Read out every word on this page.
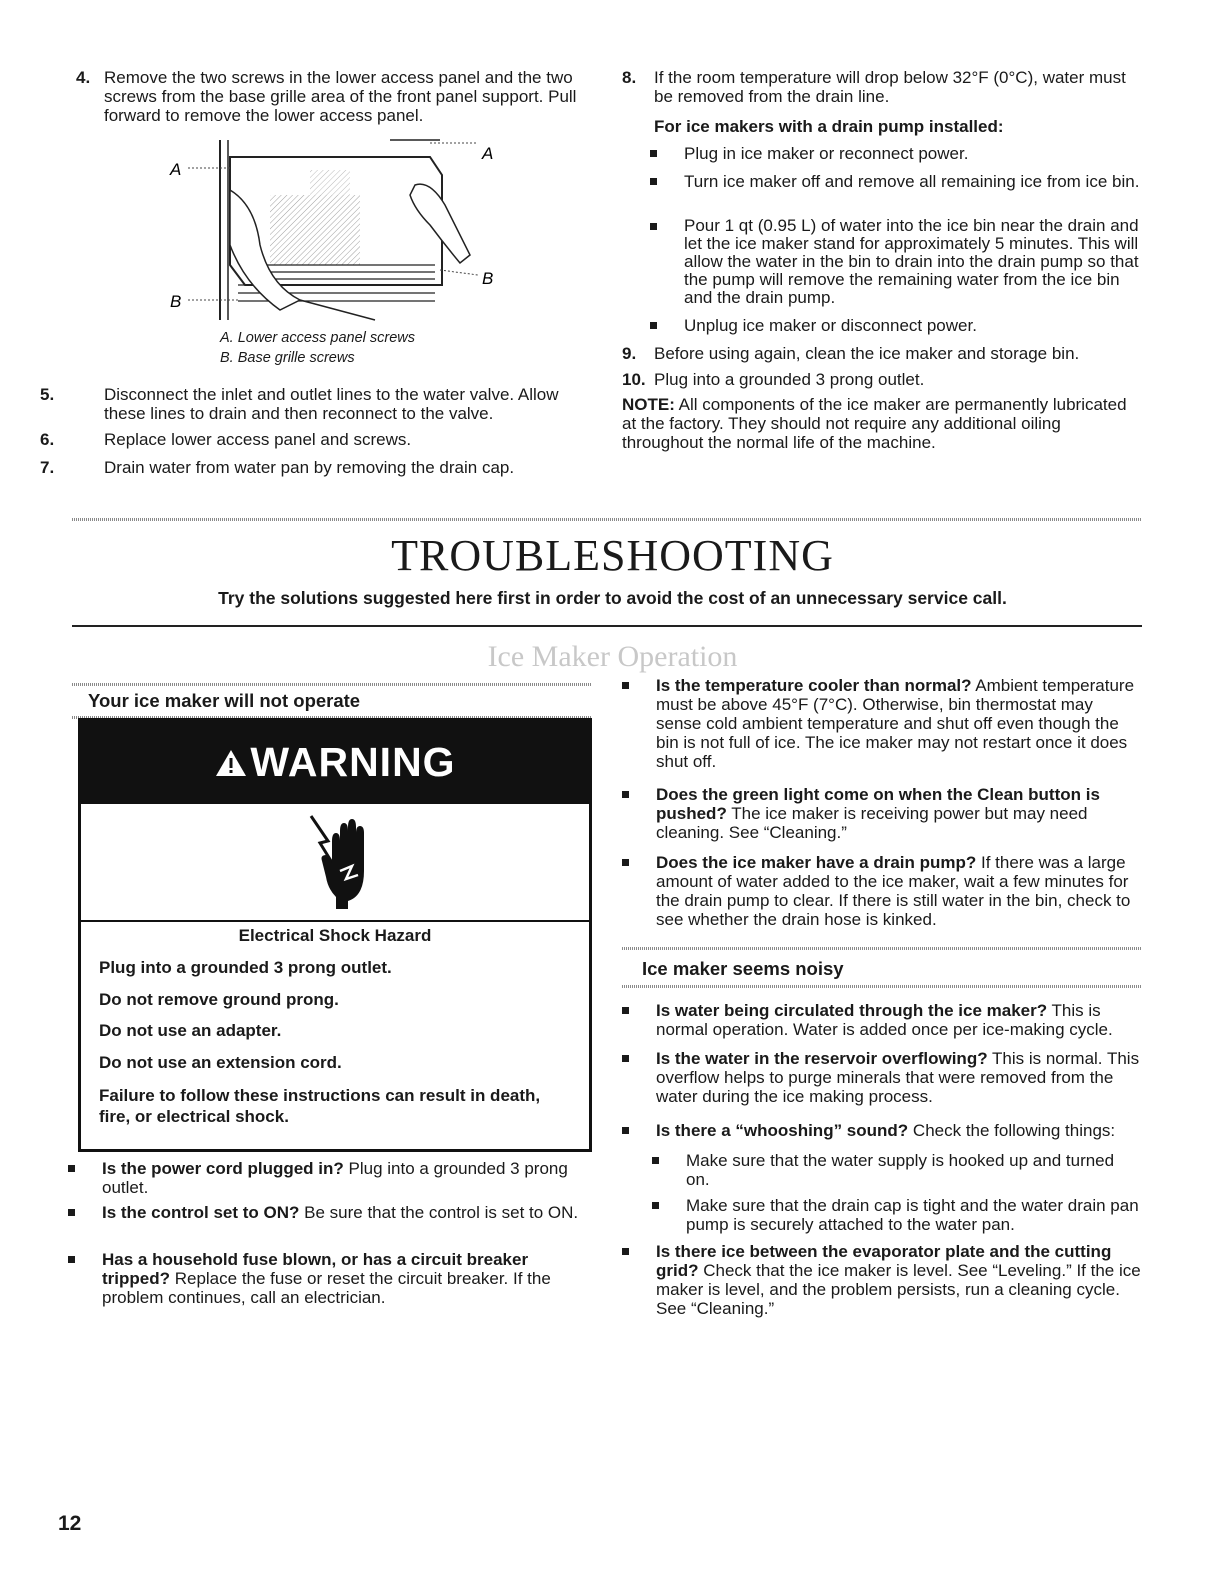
4. Remove the two screws in the lower access panel and the two screws from the base grille area of the front panel support. Pull forward to remove the lower access panel.
A
A
B
B
A. Lower access panel screws
B. Base grille screws
5.	Disconnect the inlet and outlet lines to the water valve. Allow these lines to drain and then reconnect to the valve.
6.	Replace lower access panel and screws.
7.	Drain water from water pan by removing the drain cap.
8. If the room temperature will drop below 32°F (0°C), water must be removed from the drain line.
For ice makers with a drain pump installed:
Plug in ice maker or reconnect power.
Turn ice maker off and remove all remaining ice from ice bin.
Pour 1 qt (0.95 L) of water into the ice bin near the drain and let the ice maker stand for approximately 5 minutes. This will allow the water in the bin to drain into the drain pump so that the pump will remove the remaining water from the ice bin and the drain pump.
Unplug ice maker or disconnect power.
9. Before using again, clean the ice maker and storage bin.
10. Plug into a grounded 3 prong outlet.
NOTE: All components of the ice maker are permanently lubricated at the factory. They should not require any additional oiling throughout the normal life of the machine.
TROUBLESHOOTING
Try the solutions suggested here first in order to avoid the cost of an unnecessary service call.
Ice Maker Operation
Your ice maker will not operate
WARNING
Electrical Shock Hazard
Plug into a grounded 3 prong outlet.
Do not remove ground prong.
Do not use an adapter.
Do not use an extension cord.
Failure to follow these instructions can result in death, fire, or electrical shock.
Is the power cord plugged in? Plug into a grounded 3 prong outlet.
Is the control set to ON? Be sure that the control is set to ON.
Has a household fuse blown, or has a circuit breaker tripped? Replace the fuse or reset the circuit breaker. If the problem continues, call an electrician.
Is the temperature cooler than normal? Ambient temperature must be above 45°F (7°C). Otherwise, bin thermostat may sense cold ambient temperature and shut off even though the bin is not full of ice. The ice maker may not restart once it does shut off.
Does the green light come on when the Clean button is pushed? The ice maker is receiving power but may need cleaning. See “Cleaning.”
Does the ice maker have a drain pump? If there was a large amount of water added to the ice maker, wait a few minutes for the drain pump to clear. If there is still water in the bin, check to see whether the drain hose is kinked.
Ice maker seems noisy
Is water being circulated through the ice maker? This is normal operation. Water is added once per ice-making cycle.
Is the water in the reservoir overflowing? This is normal. This overflow helps to purge minerals that were removed from the water during the ice making process.
Is there a “whooshing” sound? Check the following things:
Make sure that the water supply is hooked up and turned on.
Make sure that the drain cap is tight and the water drain pan pump is securely attached to the water pan.
Is there ice between the evaporator plate and the cutting grid? Check that the ice maker is level. See “Leveling.” If the ice maker is level, and the problem persists, run a cleaning cycle. See “Cleaning.”
12
